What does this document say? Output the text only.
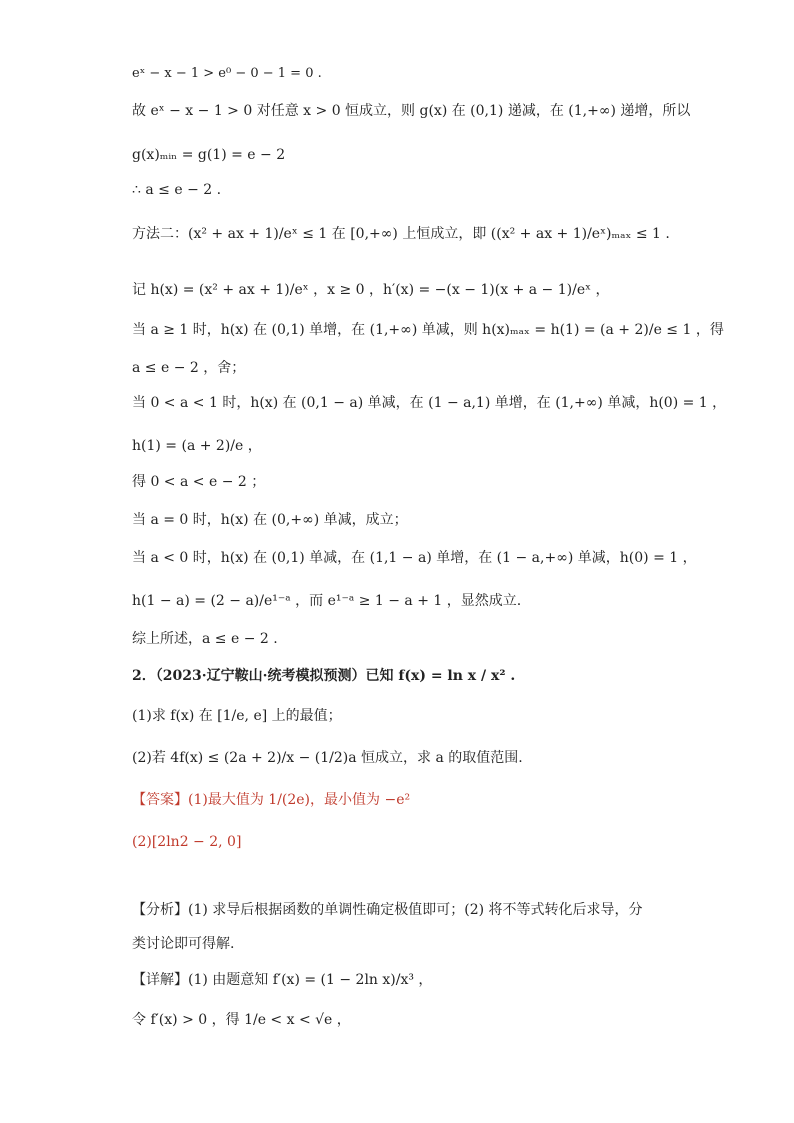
eˣ − x − 1 > e⁰ − 0 − 1 = 0 .
故 eˣ − x − 1 > 0 对任意 x > 0 恒成立，则 g(x) 在 (0,1) 递减，在 (1,+∞) 递增，所以
g(x)ₘᵢₙ = g(1) = e − 2
∴ a ≤ e − 2 .
方法二：(x² + ax + 1)/eˣ ≤ 1 在 [0,+∞) 上恒成立，即 ((x² + ax + 1)/eˣ)ₘₐₓ ≤ 1 .
记 h(x) = (x² + ax + 1)/eˣ ，x ≥ 0 ，h′(x) = −(x − 1)(x + a − 1)/eˣ ，
当 a ≥ 1 时，h(x) 在 (0,1) 单增，在 (1,+∞) 单减，则 h(x)ₘₐₓ = h(1) = (a + 2)/e ≤ 1 ，得
a ≤ e − 2 ，舍；
当 0 < a < 1 时，h(x) 在 (0,1 − a) 单减，在 (1 − a,1) 单增，在 (1,+∞) 单减，h(0) = 1 ，
h(1) = (a + 2)/e ，
得 0 < a < e − 2 ；
当 a = 0 时，h(x) 在 (0,+∞) 单减，成立；
当 a < 0 时，h(x) 在 (0,1) 单减，在 (1,1 − a) 单增，在 (1 − a,+∞) 单减，h(0) = 1 ，
h(1 − a) = (2 − a)/e¹⁻ᵃ ，而 e¹⁻ᵃ ≥ 1 − a + 1 ，显然成立.
综上所述，a ≤ e − 2 .
2．（2023·辽宁鞍山·统考模拟预测）已知 f(x) = ln x / x² .
(1)求 f(x) 在 [1/e, e] 上的最值；
(2)若 4f(x) ≤ (2a + 2)/x − (1/2)a 恒成立，求 a 的取值范围.
【答案】(1)最大值为 1/(2e)，最小值为 −e²
(2)[2ln2 − 2, 0]
【分析】(1) 求导后根据函数的单调性确定极值即可；(2) 将不等式转化后求导，分
类讨论即可得解.
【详解】(1) 由题意知 f′(x) = (1 − 2ln x)/x³ ，
令 f′(x) > 0 ，得 1/e < x < √e ，
